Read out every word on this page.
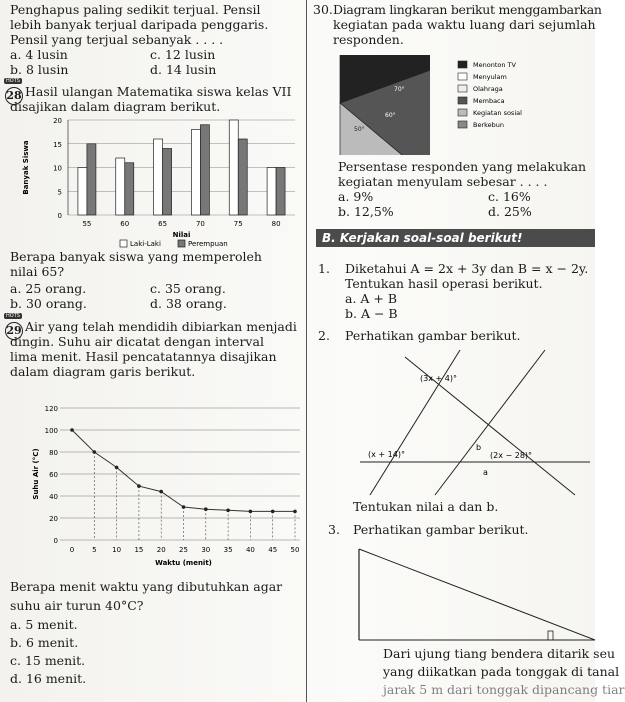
Penghapus paling sedikit terjual. Pensil
lebih banyak terjual daripada penggaris.
Pensil yang terjual sebanyak . . . .
a. 4 lusin	c. 12 lusin
b. 8 lusin	d. 14 lusin
HOTS
28 Hasil ulangan Matematika siswa kelas VII
disajikan dalam diagram berikut.
0
5
10
15
20
55	60	65	70	75	80
Nilai
Banyak Siswa
Laki-Laki	Perempuan
Berapa banyak siswa yang memperoleh
nilai 65?
a. 25 orang.	c. 35 orang.
b. 30 orang.	d. 38 orang.
HOTS
29 Air yang telah mendidih dibiarkan menjadi
dingin. Suhu air dicatat dengan interval
lima menit. Hasil pencatatannya disajikan
dalam diagram garis berikut.
0
20
40
60
80
100
120
0	5 10 15 20 25 30 35 40 45 50
Waktu (menit)
Suhu Air (°C)
Berapa menit waktu yang dibutuhkan agar
suhu air turun 40°C?
a. 5 menit.
b. 6 menit.
c. 15 menit.
d. 16 menit.
30. Diagram lingkaran berikut menggambarkan
kegiatan pada waktu luang dari sejumlah
responden.
70°
60°
50°
Menonton TV
Menyulam
Olahraga
Membaca
Kegiatan sosial
Berkebun
Persentase responden yang melakukan
kegiatan menyulam sebesar . . . .
a. 9%	c. 16%
b. 12,5%	d. 25%
B. Kerjakan soal-soal berikut!
1. Diketahui A = 2x + 3y dan B = x − 2y.
Tentukan hasil operasi berikut.
a. A + B
b. A − B
2. Perhatikan gambar berikut.
(3x + 4)°
(x + 14)°
b
(2x − 28)°
a
Tentukan nilai a dan b.
3. Perhatikan gambar berikut.
Dari ujung tiang bendera ditarik seu
yang diikatkan pada tonggak di tanal
jarak 5 m dari tonggak dipancang tiar
